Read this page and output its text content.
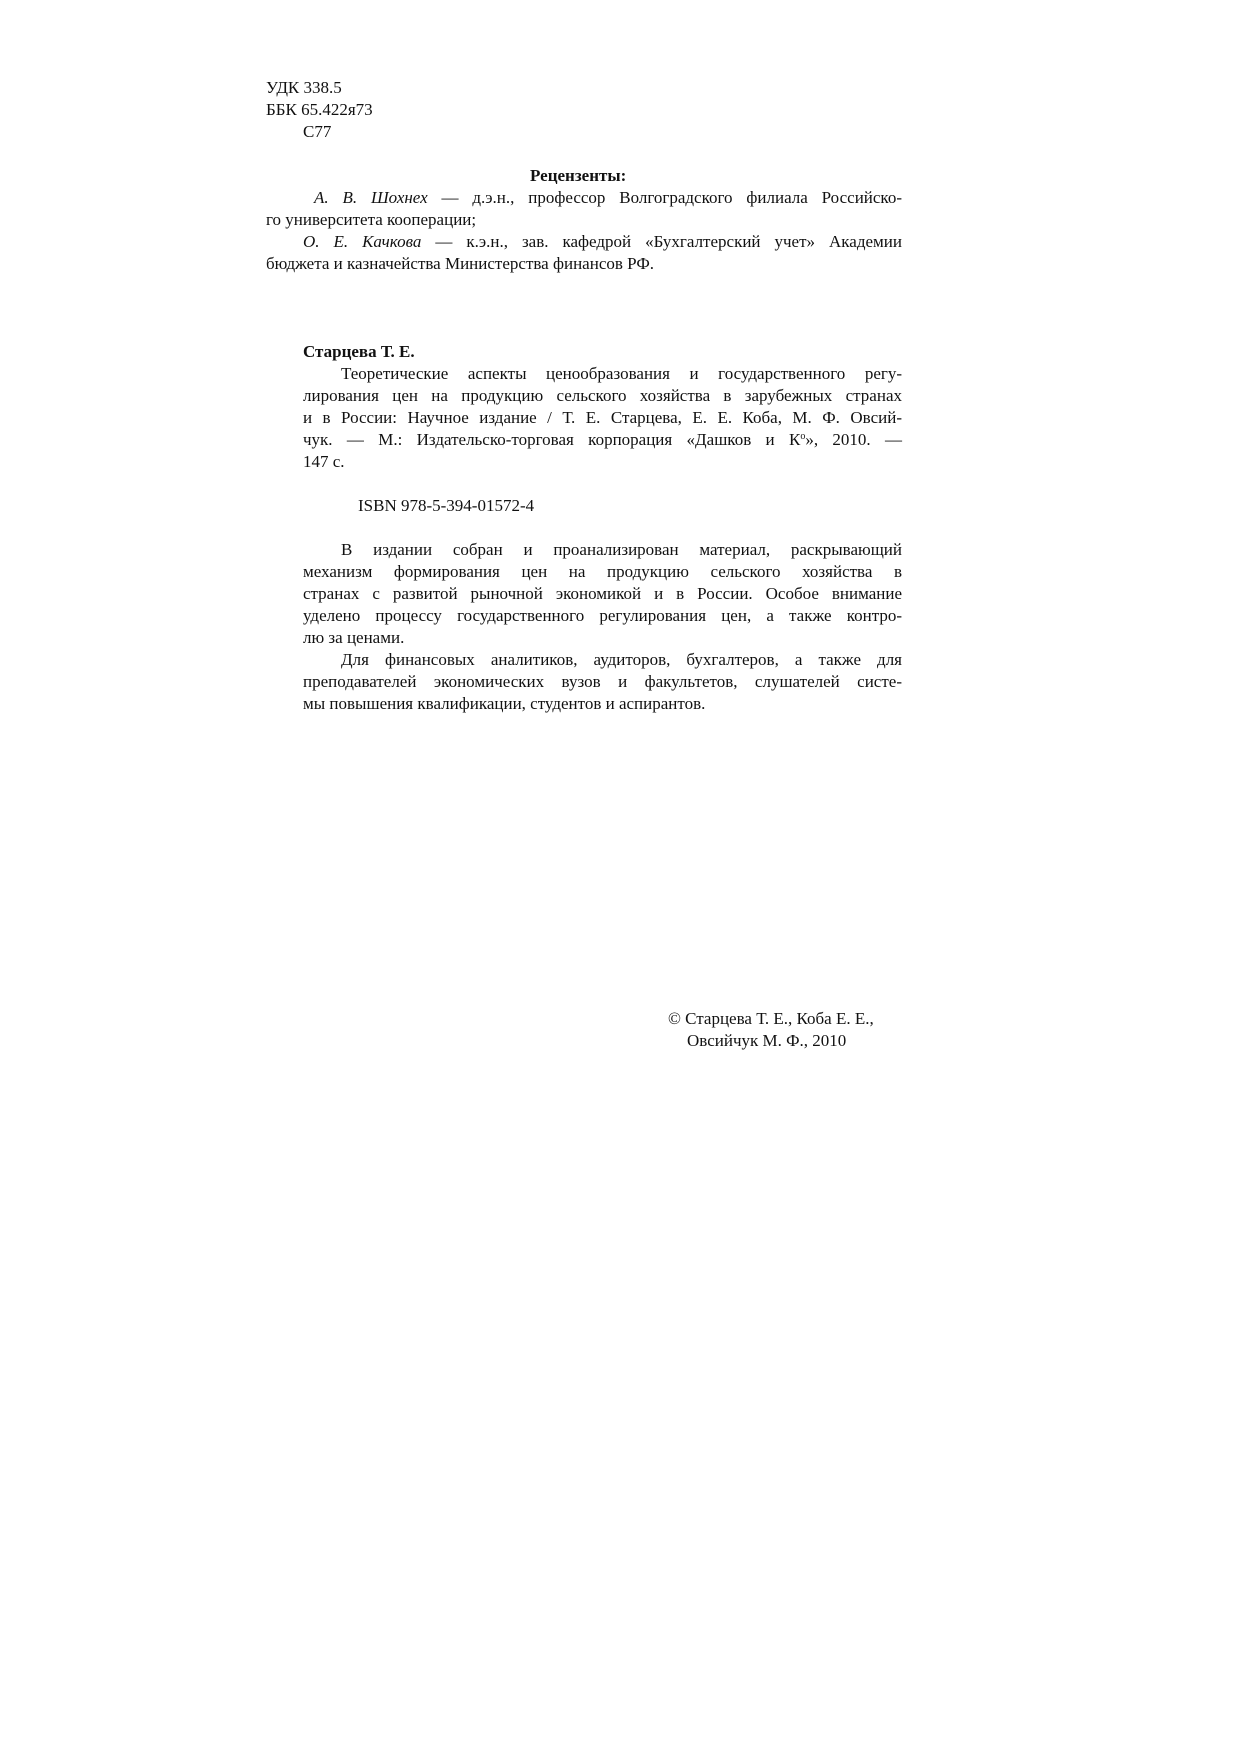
УДК 338.5
ББК 65.422я73
С77
Рецензенты:
А. В. Шохнех — д.э.н., профессор Волгоградского филиала Российско-
го университета кооперации;
О. Е. Качкова — к.э.н., зав. кафедрой «Бухгалтерский учет» Академии
бюджета и казначейства Министерства финансов РФ.
Старцева Т. Е.
Теоретические аспекты ценообразования и государственного регу-
лирования цен на продукцию сельского хозяйства в зарубежных странах
и в России: Научное издание / Т. Е. Старцева, Е. Е. Коба, М. Ф. Овсий-
чук. — М.: Издательско-торговая корпорация «Дашков и $К^о$», 2010. —
147 с.
ISBN 978-5-394-01572-4
В издании собран и проанализирован материал, раскрывающий
механизм формирования цен на продукцию сельского хозяйства в
странах с развитой рыночной экономикой и в России. Особое внимание
уделено процессу государственного регулирования цен, а также контро-
лю за ценами.
Для финансовых аналитиков, аудиторов, бухгалтеров, а также для
преподавателей экономических вузов и факультетов, слушателей систе-
мы повышения квалификации, студентов и аспирантов.
© Старцева Т. Е., Коба Е. Е.,
Овсийчук М. Ф., 2010
